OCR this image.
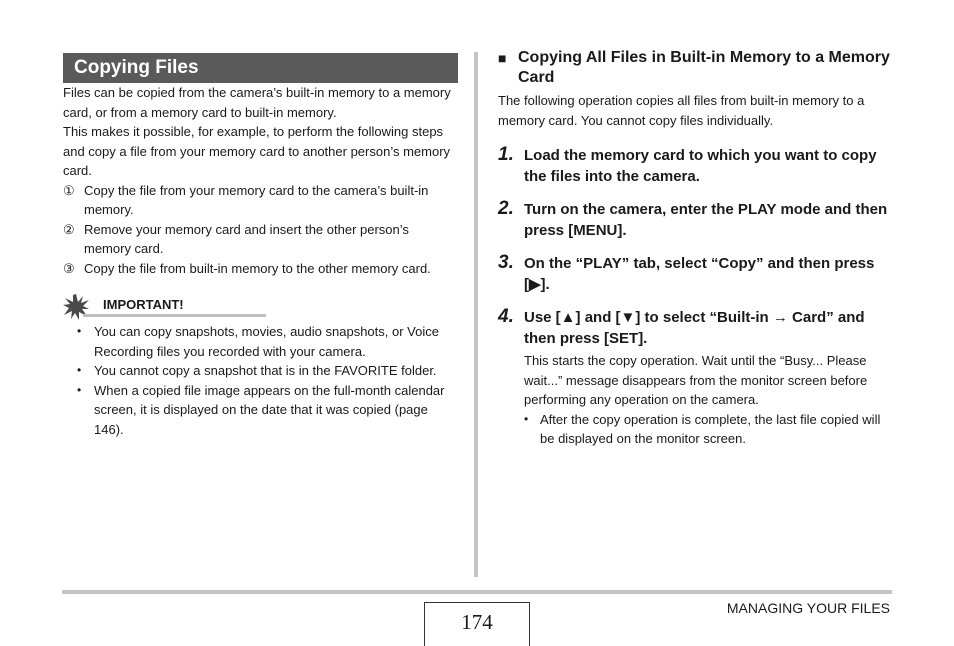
Copying Files

Files can be copied from the camera’s built-in memory to a memory card, or from a memory card to built-in memory.

This makes it possible, for example, to perform the following steps and copy a file from your memory card to another person’s memory card.

① Copy the file from your memory card to the camera’s built-in memory.
② Remove your memory card and insert the other person’s memory card.
③ Copy the file from built-in memory to the other memory card.
IMPORTANT!
• You can copy snapshots, movies, audio snapshots, or Voice Recording files you recorded with your camera.
• You cannot copy a snapshot that is in the FAVORITE folder.
• When a copied file image appears on the full-month calendar screen, it is displayed on the date that it was copied (page 146).
■ Copying All Files in Built-in Memory to a Memory Card

The following operation copies all files from built-in memory to a memory card. You cannot copy files individually.

1. Load the memory card to which you want to copy the files into the camera.
2. Turn on the camera, enter the PLAY mode and then press [MENU].
3. On the “PLAY” tab, select “Copy” and then press [▶].
4. Use [▲] and [▼] to select “Built-in → Card” and then press [SET].

This starts the copy operation. Wait until the “Busy... Please wait...” message disappears from the monitor screen before performing any operation on the camera.

• After the copy operation is complete, the last file copied will be displayed on the monitor screen.
174
MANAGING YOUR FILES
